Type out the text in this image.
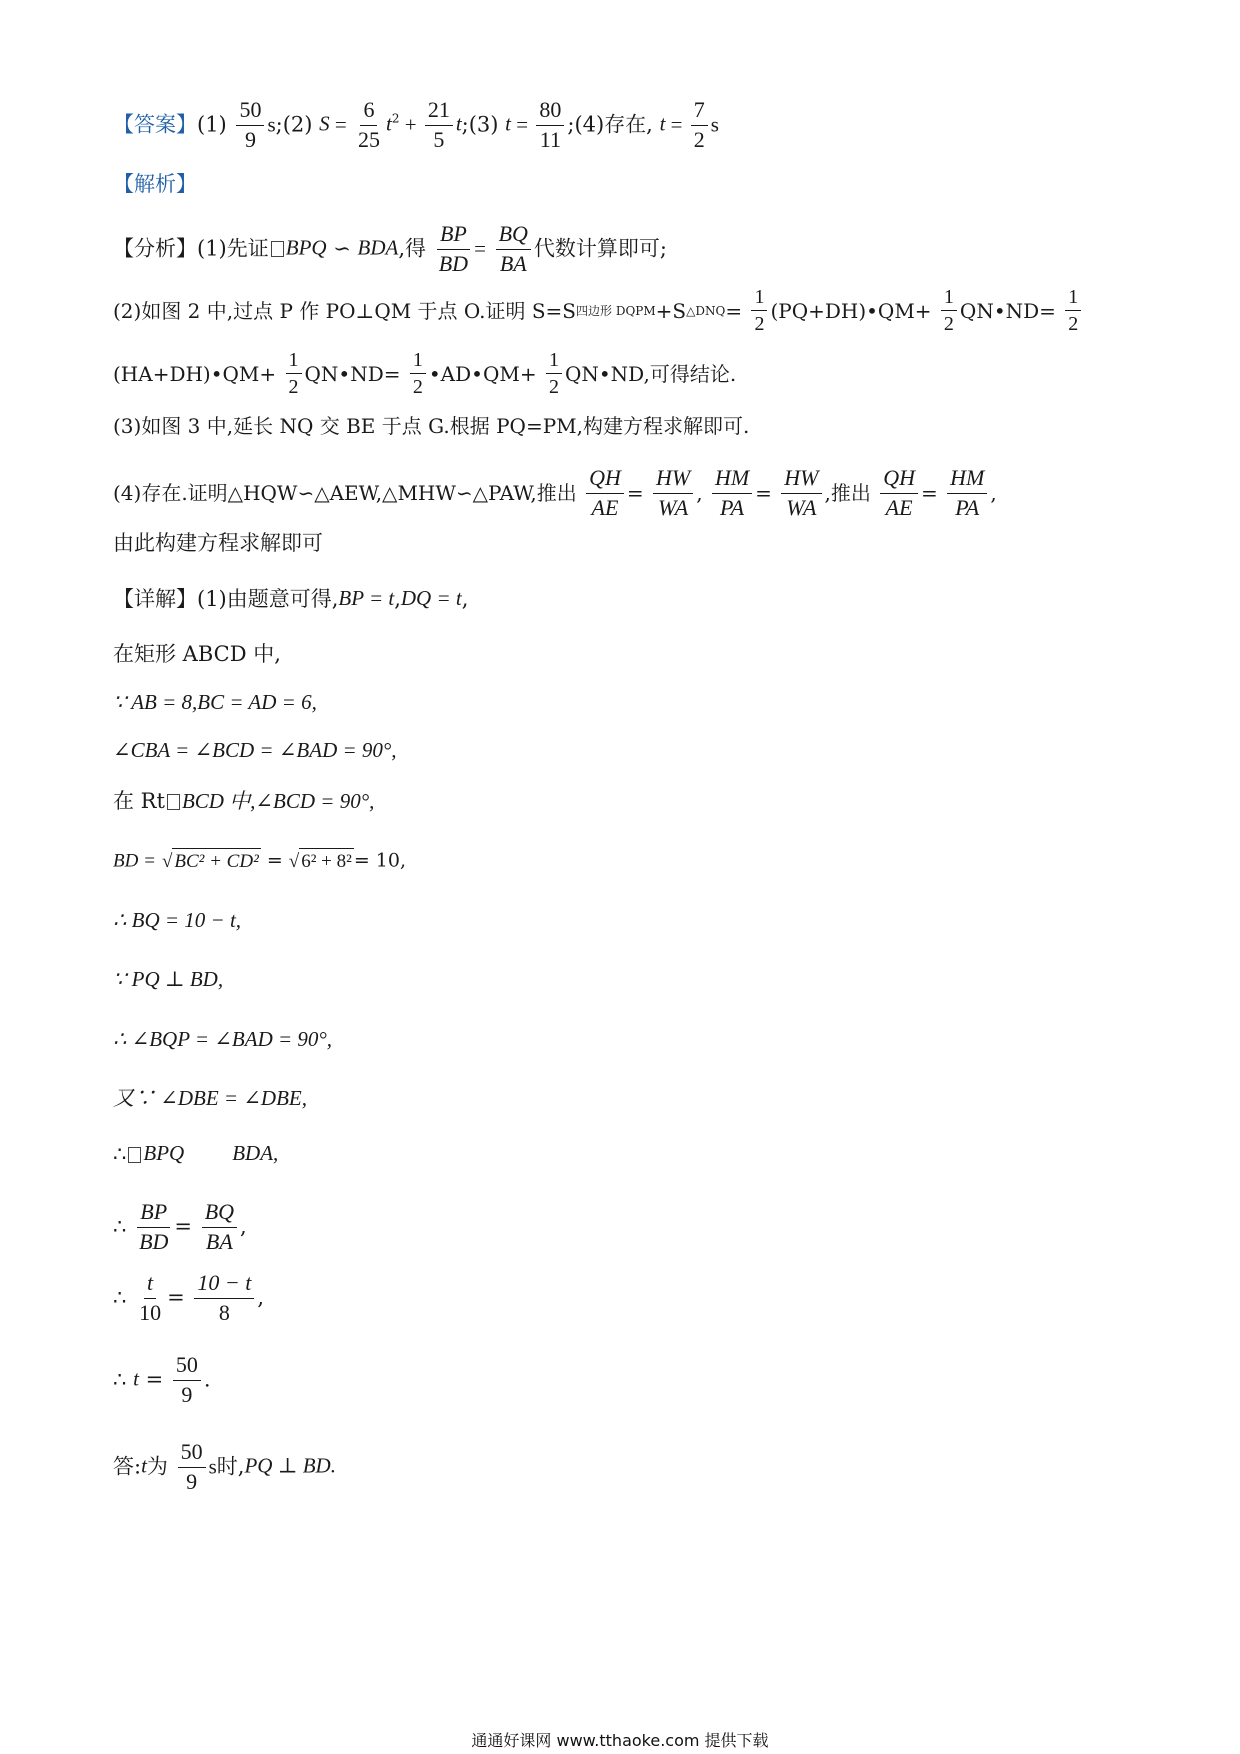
【答案】$(1) \frac{50}{9}$ s;(2) $S = \frac{6}{25} t^2 + \frac{21}{5}$ t;(3) $t = \frac{80}{11}$ ;(4)存在, $t = \frac{7}{2}$ s
【解析】
【分析】(1)先证 BPQ ∽ BDA,得 $\frac{BP}{BD} = \frac{BQ}{BA}$ 代数计算即可;
(2)如图 2 中,过点 P 作 PO⊥QM 于点 O.证明 S=S四边形 DQPM+S△DNQ= $\frac{1}{2}$ (PQ+DH)•QM+ $\frac{1}{2}$ QN•ND= $\frac{1}{2}$
(HA+DH)•QM+ $\frac{1}{2}$ QN•ND= $\frac{1}{2}$ •AD•QM+ $\frac{1}{2}$ QN•ND,可得结论.
(3)如图 3 中,延长 NQ 交 BE 于点 G.根据 PQ=PM,构建方程求解即可.
(4)存在.证明△HQW∽△AEW,△MHW∽△PAW,推出 $\frac{QH}{AE} = \frac{HW}{WA}$ , $\frac{HM}{PA} = \frac{HW}{WA}$ ,推出 $\frac{QH}{AE} = \frac{HM}{PA}$ ,
由此构建方程求解即可
【详解】(1)由题意可得,BP = t,DQ = t,
在矩形 ABCD 中,
∵ AB = 8,BC = AD = 6,
∠CBA = ∠BCD = ∠BAD = 90°,
在 Rt BCD 中,∠BCD = 90°,
BD = √ BC² + CD² = √ 6² + 8² = 10,
∴ BQ = 10 − t,
∵ PQ ⊥ BD,
∴ ∠BQP = ∠BAD = 90°,
又∵ ∠DBE = ∠DBE,
∴ BPQ BDA,
∴ $\frac{BP}{BD} = \frac{BQ}{BA}$ ,
∴ $\frac{t}{10} = \frac{10 - t}{8}$ ,
∴ $t = \frac{50}{9}$ .
答:t为 $\frac{50}{9}$ s时,PQ ⊥ BD.
通通好课网 www.tthaoke.com 提供下载
